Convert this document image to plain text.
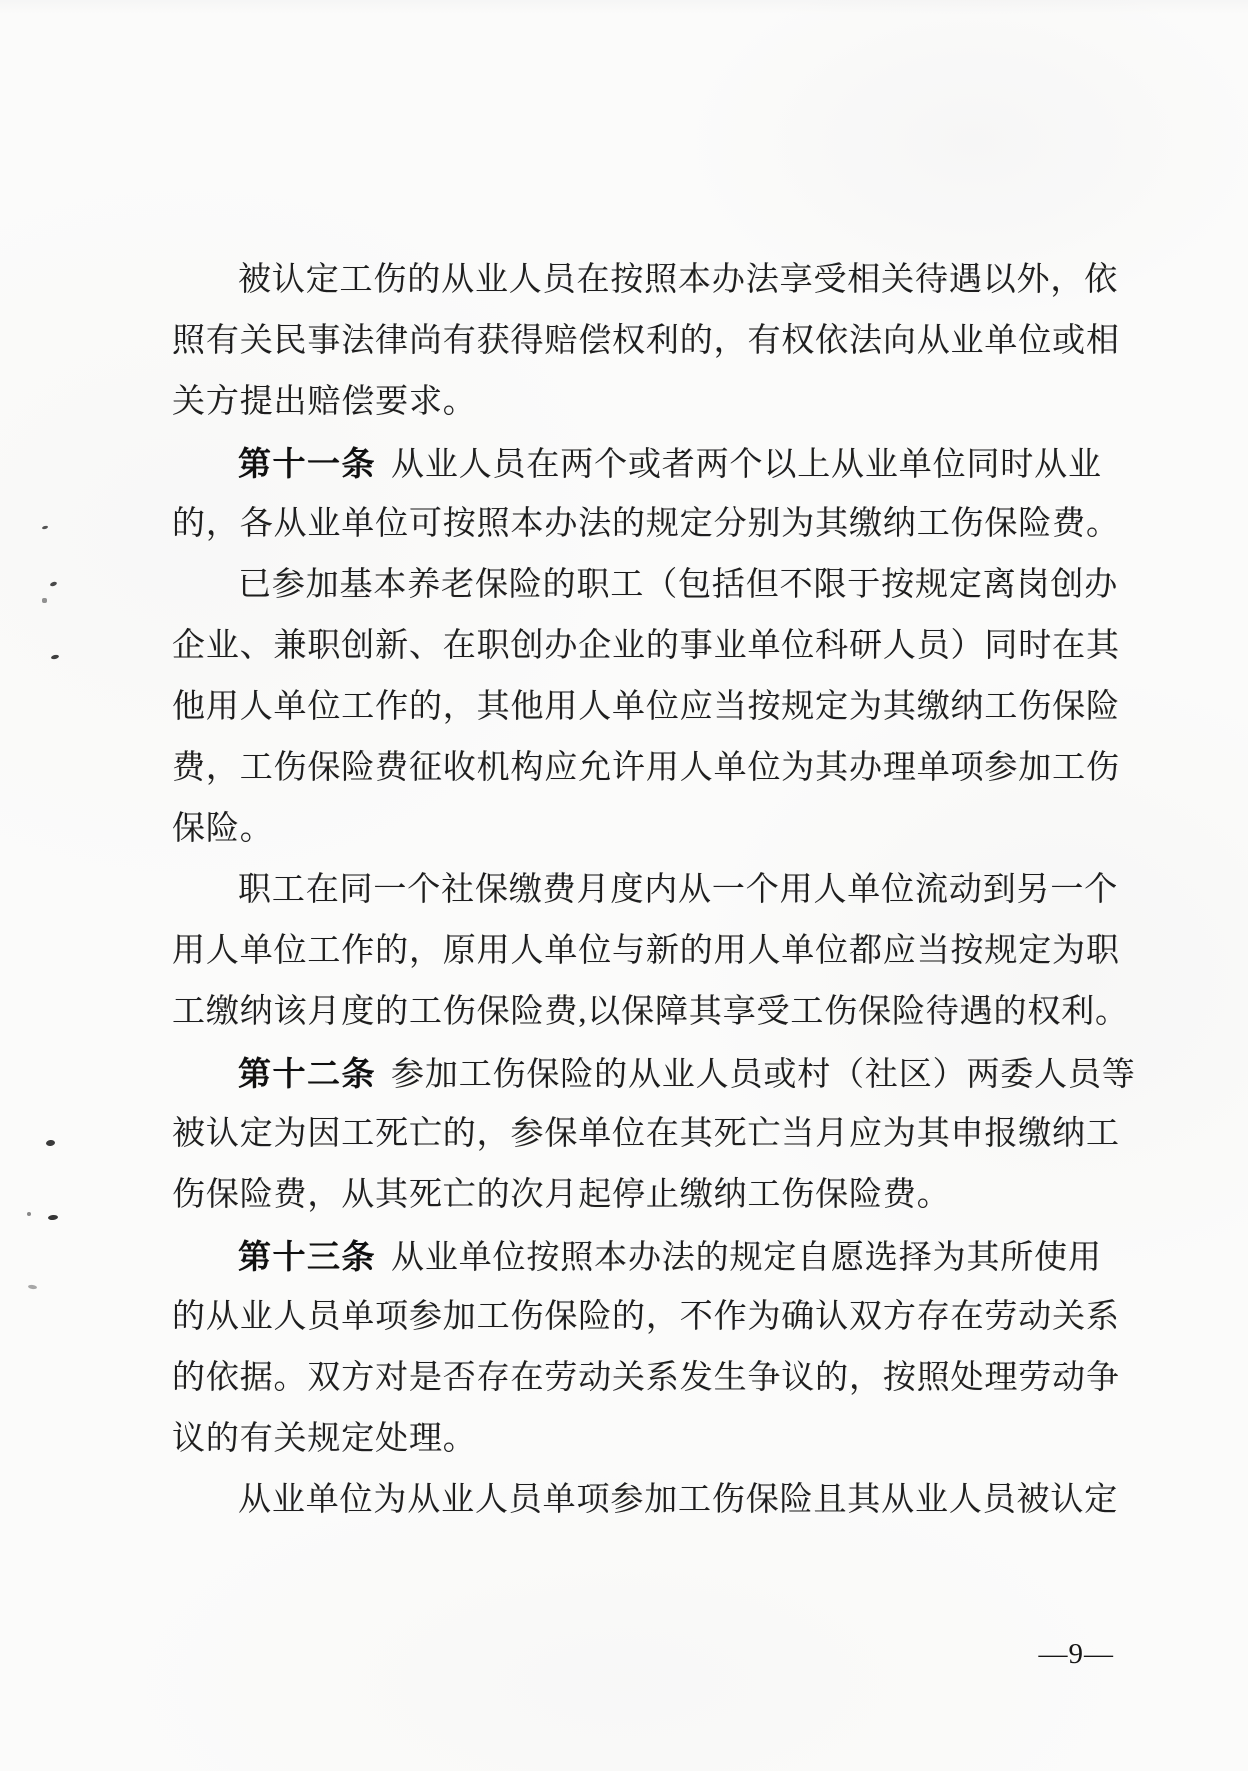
被认定工伤的从业人员在按照本办法享受相关待遇以外，依
照有关民事法律尚有获得赔偿权利的，有权依法向从业单位或相
关方提出赔偿要求。
第十一条 从业人员在两个或者两个以上从业单位同时从业
的，各从业单位可按照本办法的规定分别为其缴纳工伤保险费。
已参加基本养老保险的职工（包括但不限于按规定离岗创办
企业、兼职创新、在职创办企业的事业单位科研人员）同时在其
他用人单位工作的，其他用人单位应当按规定为其缴纳工伤保险
费，工伤保险费征收机构应允许用人单位为其办理单项参加工伤
保险。
职工在同一个社保缴费月度内从一个用人单位流动到另一个
用人单位工作的，原用人单位与新的用人单位都应当按规定为职
工缴纳该月度的工伤保险费,以保障其享受工伤保险待遇的权利。
第十二条 参加工伤保险的从业人员或村（社区）两委人员等
被认定为因工死亡的，参保单位在其死亡当月应为其申报缴纳工
伤保险费，从其死亡的次月起停止缴纳工伤保险费。
第十三条 从业单位按照本办法的规定自愿选择为其所使用
的从业人员单项参加工伤保险的，不作为确认双方存在劳动关系
的依据。双方对是否存在劳动关系发生争议的，按照处理劳动争
议的有关规定处理。
从业单位为从业人员单项参加工伤保险且其从业人员被认定
—9—
